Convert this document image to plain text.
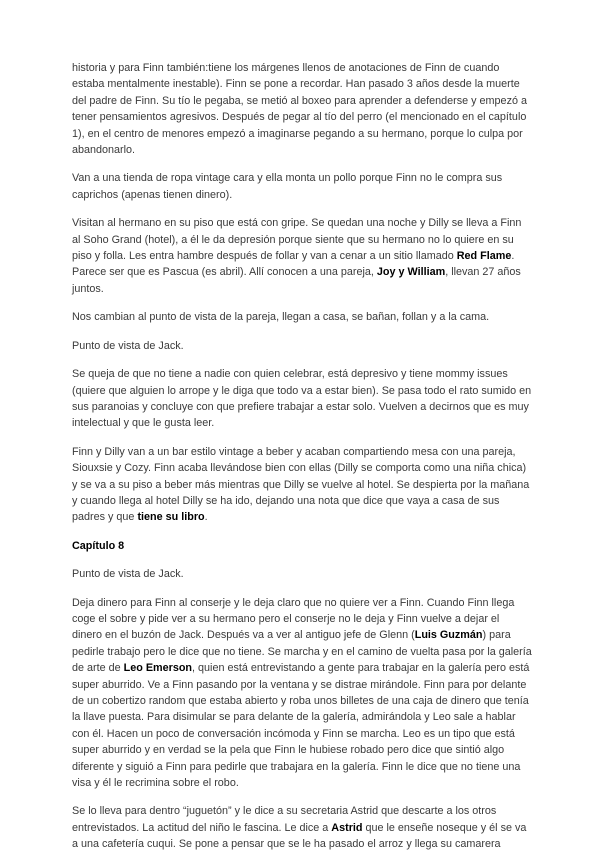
historia y para Finn también:tiene los márgenes llenos de anotaciones de Finn de cuando estaba mentalmente inestable). Finn se pone a recordar. Han pasado 3 años desde la muerte del padre de Finn. Su tío le pegaba, se metió al boxeo para aprender a defenderse y empezó a tener pensamientos agresivos. Después de pegar al tío del perro (el mencionado en el capítulo 1), en el centro de menores empezó a imaginarse pegando a su hermano, porque lo culpa por abandonarlo.

Van a una tienda de ropa vintage cara y ella monta un pollo porque Finn no le compra sus caprichos (apenas tienen dinero).

Visitan al hermano en su piso que está con gripe. Se quedan una noche y Dilly se lleva a Finn al Soho Grand (hotel), a él le da depresión porque siente que su hermano no lo quiere en su piso y folla. Les entra hambre después de follar y van a cenar a un sitio llamado Red Flame. Parece ser que es Pascua (es abril). Allí conocen a una pareja, Joy y William, llevan 27 años juntos.

Nos cambian al punto de vista de la pareja, llegan a casa, se bañan, follan y a la cama.

Punto de vista de Jack.

Se queja de que no tiene a nadie con quien celebrar, está depresivo y tiene mommy issues (quiere que alguien lo arrope y le diga que todo va a estar bien). Se pasa todo el rato sumido en sus paranoias y concluye con que prefiere trabajar a estar solo. Vuelven a decirnos que es muy intelectual y que le gusta leer.

Finn y Dilly van a un bar estilo vintage a beber y acaban compartiendo mesa con una pareja, Siouxsie y Cozy. Finn acaba llevándose bien con ellas (Dilly se comporta como una niña chica) y se va a su piso a beber más mientras que Dilly se vuelve al hotel. Se despierta por la mañana y cuando llega al hotel Dilly se ha ido, dejando una nota que dice que vaya a casa de sus padres y que tiene su libro.

Capítulo 8

Punto de vista de Jack.

Deja dinero para Finn al conserje y le deja claro que no quiere ver a Finn. Cuando Finn llega coge el sobre y pide ver a su hermano pero el conserje no le deja y Finn vuelve a dejar el dinero en el buzón de Jack. Después va a ver al antiguo jefe de Glenn (Luis Guzmán) para pedirle trabajo pero le dice que no tiene. Se marcha y en el camino de vuelta pasa por la galería de arte de Leo Emerson, quien está entrevistando a gente para trabajar en la galería pero está super aburrido. Ve a Finn pasando por la ventana y se distrae mirándole. Finn para por delante de un cobertizo random que estaba abierto y roba unos billetes de una caja de dinero que tenía la llave puesta. Para disimular se para delante de la galería, admirándola y Leo sale a hablar con él. Hacen un poco de conversación incómoda y Finn se marcha. Leo es un tipo que está super aburrido y en verdad se la pela que Finn le hubiese robado pero dice que sintió algo diferente y siguió a Finn para pedirle que trabajara en la galería. Finn le dice que no tiene una visa y él le recrimina sobre el robo.

Se lo lleva para dentro “juguetón” y le dice a su secretaria Astrid que descarte a los otros entrevistados. La actitud del niño le fascina. Le dice a Astrid que le enseñe noseque y él se va a una cafetería cuqui. Se pone a pensar que se le ha pasado el arroz y llega su camarera
